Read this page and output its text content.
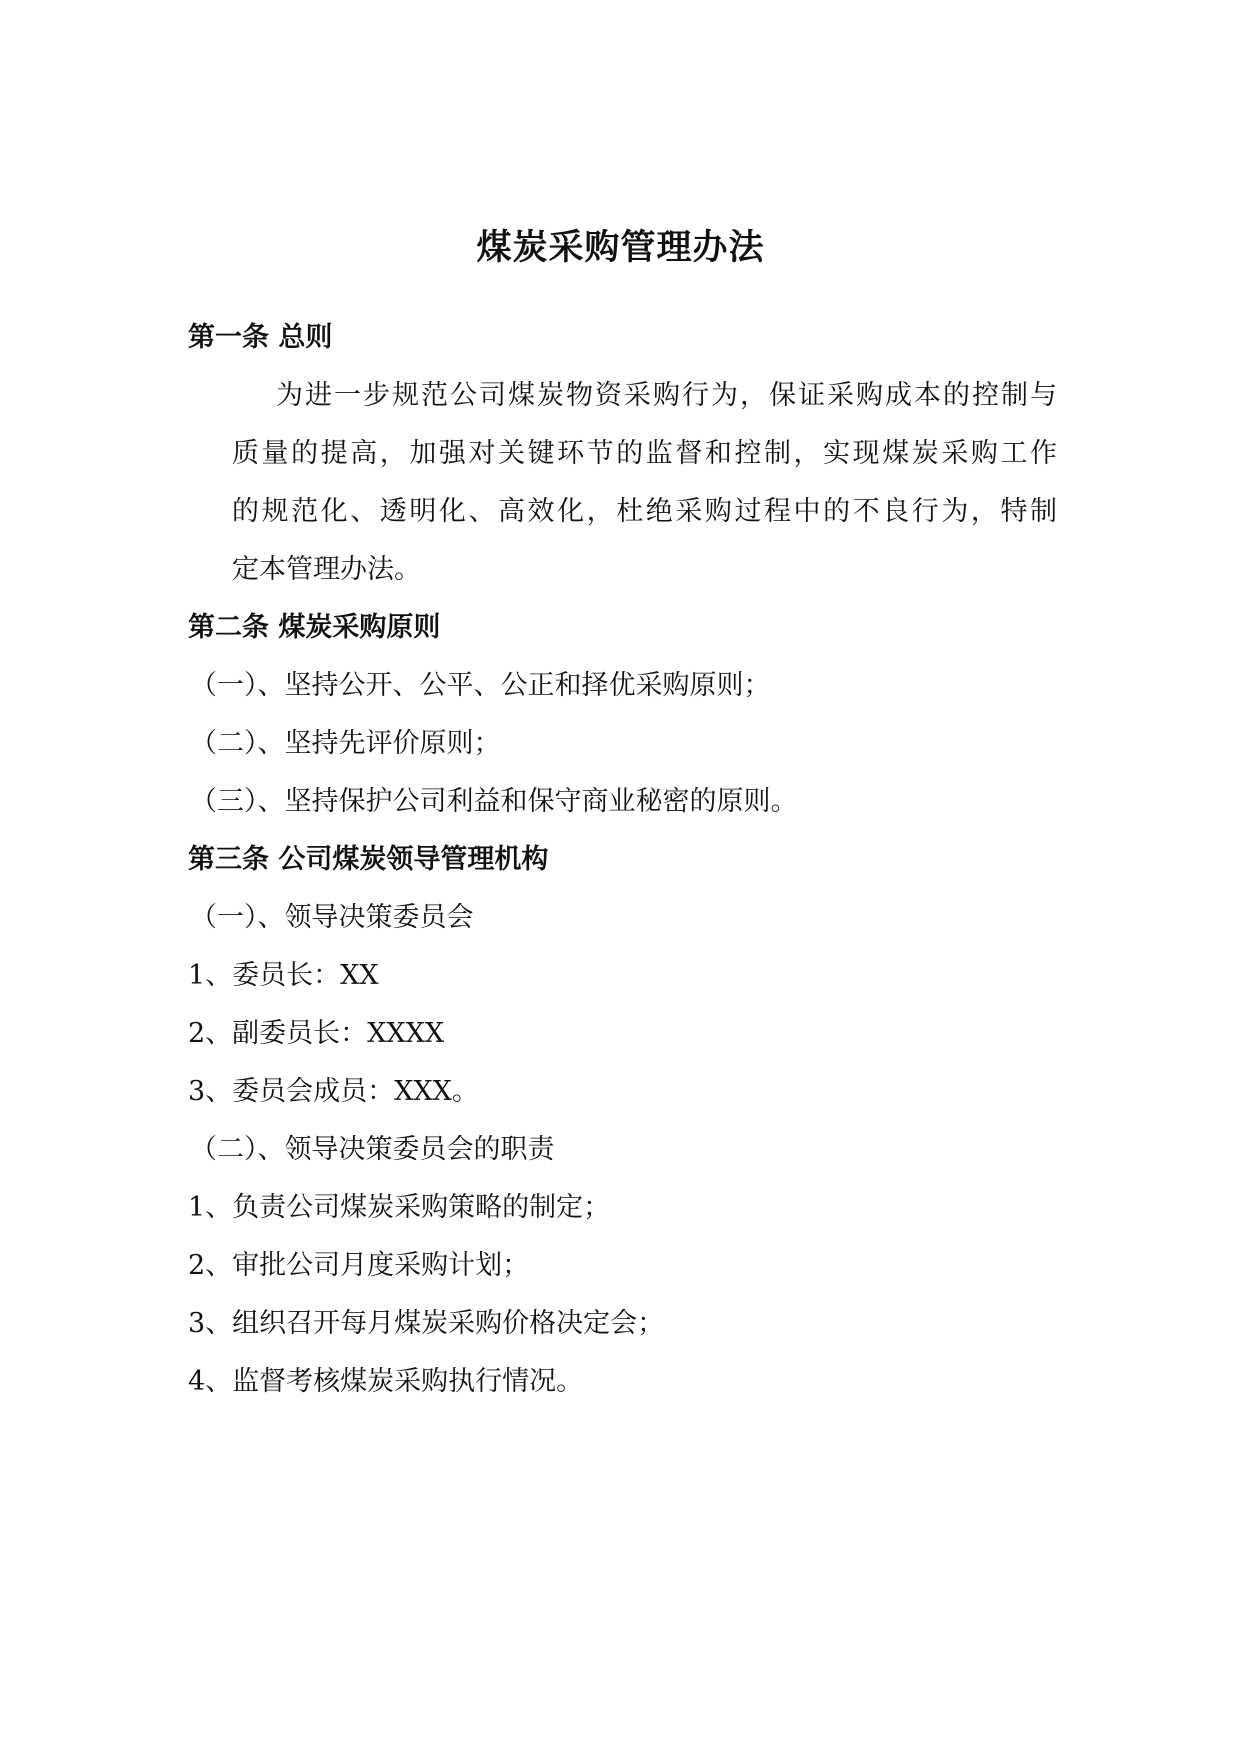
煤炭采购管理办法
第一条 总则
为进一步规范公司煤炭物资采购行为，保证采购成本的控制与
质量的提高，加强对关键环节的监督和控制，实现煤炭采购工作
的规范化、透明化、高效化，杜绝采购过程中的不良行为，特制
定本管理办法。
第二条 煤炭采购原则
（一）、坚持公开、公平、公正和择优采购原则；
（二）、坚持先评价原则；
（三）、坚持保护公司利益和保守商业秘密的原则。
第三条 公司煤炭领导管理机构
（一）、领导决策委员会
1、委员长：XX
2、副委员长：XXXX
3、委员会成员：XXX。
（二）、领导决策委员会的职责
1、负责公司煤炭采购策略的制定；
2、审批公司月度采购计划；
3、组织召开每月煤炭采购价格决定会；
4、监督考核煤炭采购执行情况。
